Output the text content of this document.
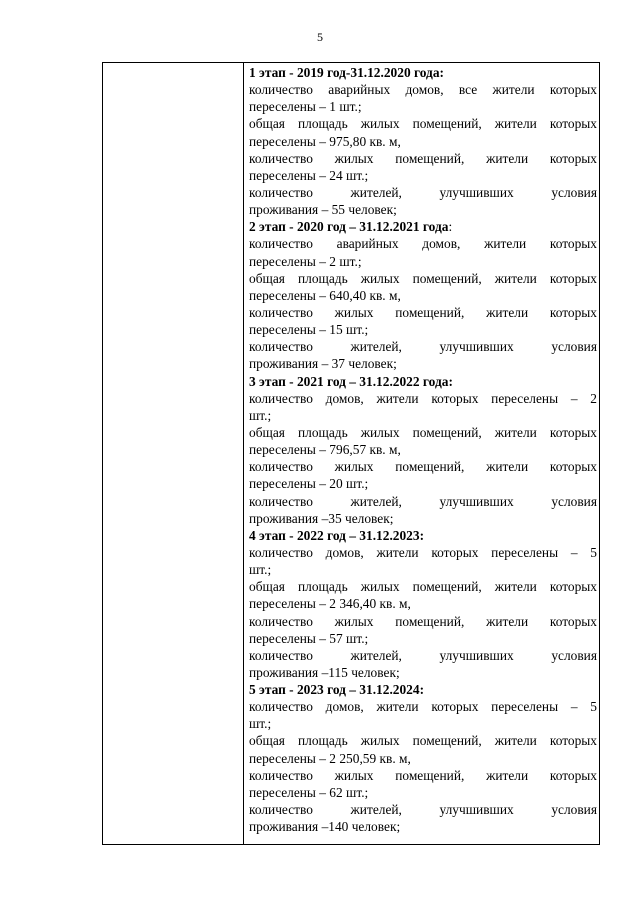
5
1 этап - 2019 год-31.12.2020 года:
количество аварийных домов, все жители которых
переселены – 1 шт.;
общая площадь жилых помещений, жители которых
переселены – 975,80 кв. м,
количество жилых помещений, жители которых
переселены – 24 шт.;
количество жителей, улучшивших условия
проживания – 55 человек;
2 этап - 2020 год – 31.12.2021 года:
количество аварийных домов, жители которых
переселены – 2 шт.;
общая площадь жилых помещений, жители которых
переселены – 640,40 кв. м,
количество жилых помещений, жители которых
переселены – 15 шт.;
количество жителей, улучшивших условия
проживания – 37 человек;
3 этап - 2021 год – 31.12.2022 года:
количество домов, жители которых переселены – 2
шт.;
общая площадь жилых помещений, жители которых
переселены – 796,57 кв. м,
количество жилых помещений, жители которых
переселены – 20 шт.;
количество жителей, улучшивших условия
проживания –35 человек;
4 этап - 2022 год – 31.12.2023:
количество домов, жители которых переселены – 5
шт.;
общая площадь жилых помещений, жители которых
переселены – 2 346,40 кв. м,
количество жилых помещений, жители которых
переселены – 57 шт.;
количество жителей, улучшивших условия
проживания –115 человек;
5 этап - 2023 год – 31.12.2024:
количество домов, жители которых переселены – 5
шт.;
общая площадь жилых помещений, жители которых
переселены – 2 250,59 кв. м,
количество жилых помещений, жители которых
переселены – 62 шт.;
количество жителей, улучшивших условия
проживания –140 человек;
